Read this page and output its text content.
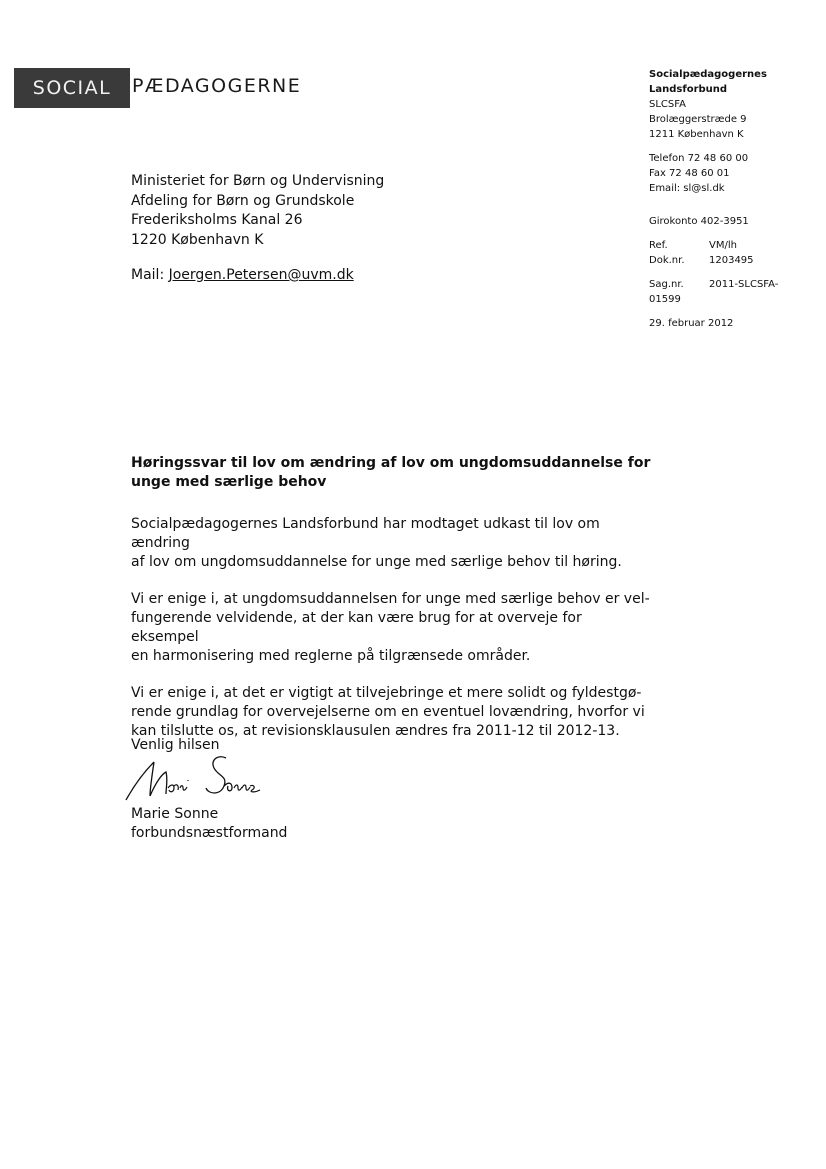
SOCIAL	PÆDAGOGERNE
Socialpædagogernes
Landsforbund
SLCSFA
Brolæggerstræde 9
1211 København K
Telefon 72 48 60 00
Fax 72 48 60 01
Email: sl@sl.dk
Girokonto 402-3951
Ref.	VM/lh
Dok.nr.	1203495
Sag.nr.	2011-SLCSFA-
01599
29. februar 2012
Ministeriet for Børn og Undervisning
Afdeling for Børn og Grundskole
Frederiksholms Kanal 26
1220 København K
Mail: Joergen.Petersen@uvm.dk
Høringssvar til lov om ændring af lov om ungdomsuddannelse for
unge med særlige behov
Socialpædagogernes Landsforbund har modtaget udkast til lov om ændring
af lov om ungdomsuddannelse for unge med særlige behov til høring.
Vi er enige i, at ungdomsuddannelsen for unge med særlige behov er vel-
fungerende velvidende, at der kan være brug for at overveje for eksempel
en harmonisering med reglerne på tilgrænsede områder.
Vi er enige i, at det er vigtigt at tilvejebringe et mere solidt og fyldestgø-
rende grundlag for overvejelserne om en eventuel lovændring, hvorfor vi
kan tilslutte os, at revisionsklausulen ændres fra 2011-12 til 2012-13.
Venlig hilsen
Marie Sonne
forbundsnæstformand
